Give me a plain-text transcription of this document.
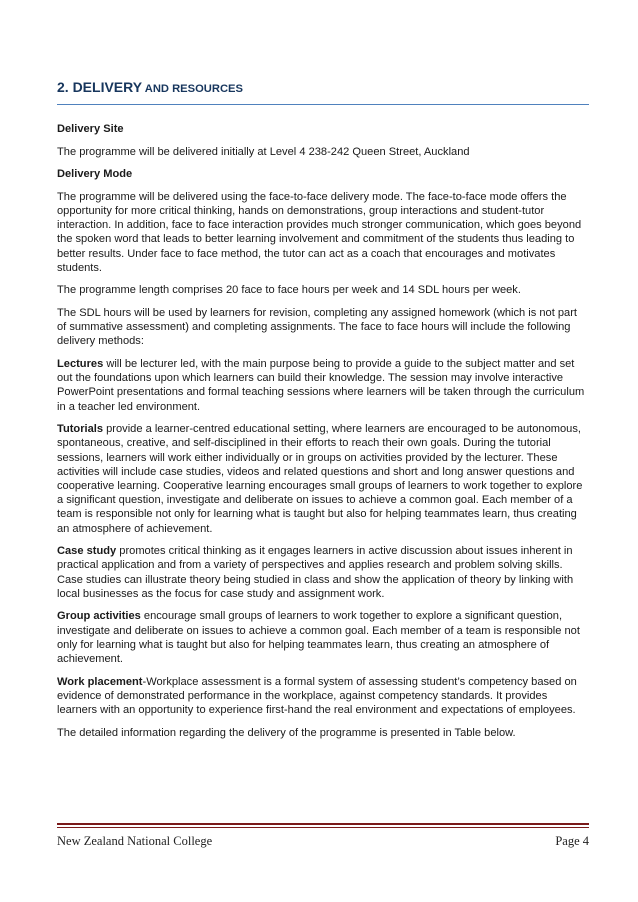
2. DELIVERY AND RESOURCES

Delivery Site

The programme will be delivered initially at Level 4 238-242 Queen Street, Auckland

Delivery Mode

The programme will be delivered using the face-to-face delivery mode. The face-to-face mode offers the opportunity for more critical thinking, hands on demonstrations, group interactions and student-tutor interaction. In addition, face to face interaction provides much stronger communication, which goes beyond the spoken word that leads to better learning involvement and commitment of the students thus leading to better results. Under face to face method, the tutor can act as a coach that encourages and motivates students.

The programme length comprises 20 face to face hours per week and 14 SDL hours per week.

The SDL hours will be used by learners for revision, completing any assigned homework (which is not part of summative assessment) and completing assignments. The face to face hours will include the following delivery methods:

Lectures will be lecturer led, with the main purpose being to provide a guide to the subject matter and set out the foundations upon which learners can build their knowledge. The session may involve interactive PowerPoint presentations and formal teaching sessions where learners will be taken through the curriculum in a teacher led environment.

Tutorials provide a learner-centred educational setting, where learners are encouraged to be autonomous, spontaneous, creative, and self-disciplined in their efforts to reach their own goals. During the tutorial sessions, learners will work either individually or in groups on activities provided by the lecturer. These activities will include case studies, videos and related questions and short and long answer questions and cooperative learning. Cooperative learning encourages small groups of learners to work together to explore a significant question, investigate and deliberate on issues to achieve a common goal. Each member of a team is responsible not only for learning what is taught but also for helping teammates learn, thus creating an atmosphere of achievement.

Case study promotes critical thinking as it engages learners in active discussion about issues inherent in practical application and from a variety of perspectives and applies research and problem solving skills. Case studies can illustrate theory being studied in class and show the application of theory by linking with local businesses as the focus for case study and assignment work.

Group activities encourage small groups of learners to work together to explore a significant question, investigate and deliberate on issues to achieve a common goal. Each member of a team is responsible not only for learning what is taught but also for helping teammates learn, thus creating an atmosphere of achievement.

Work placement-Workplace assessment is a formal system of assessing student’s competency based on evidence of demonstrated performance in the workplace, against competency standards. It provides learners with an opportunity to experience first-hand the real environment and expectations of employees.

The detailed information regarding the delivery of the programme is presented in Table below.

New Zealand National College	Page 4
